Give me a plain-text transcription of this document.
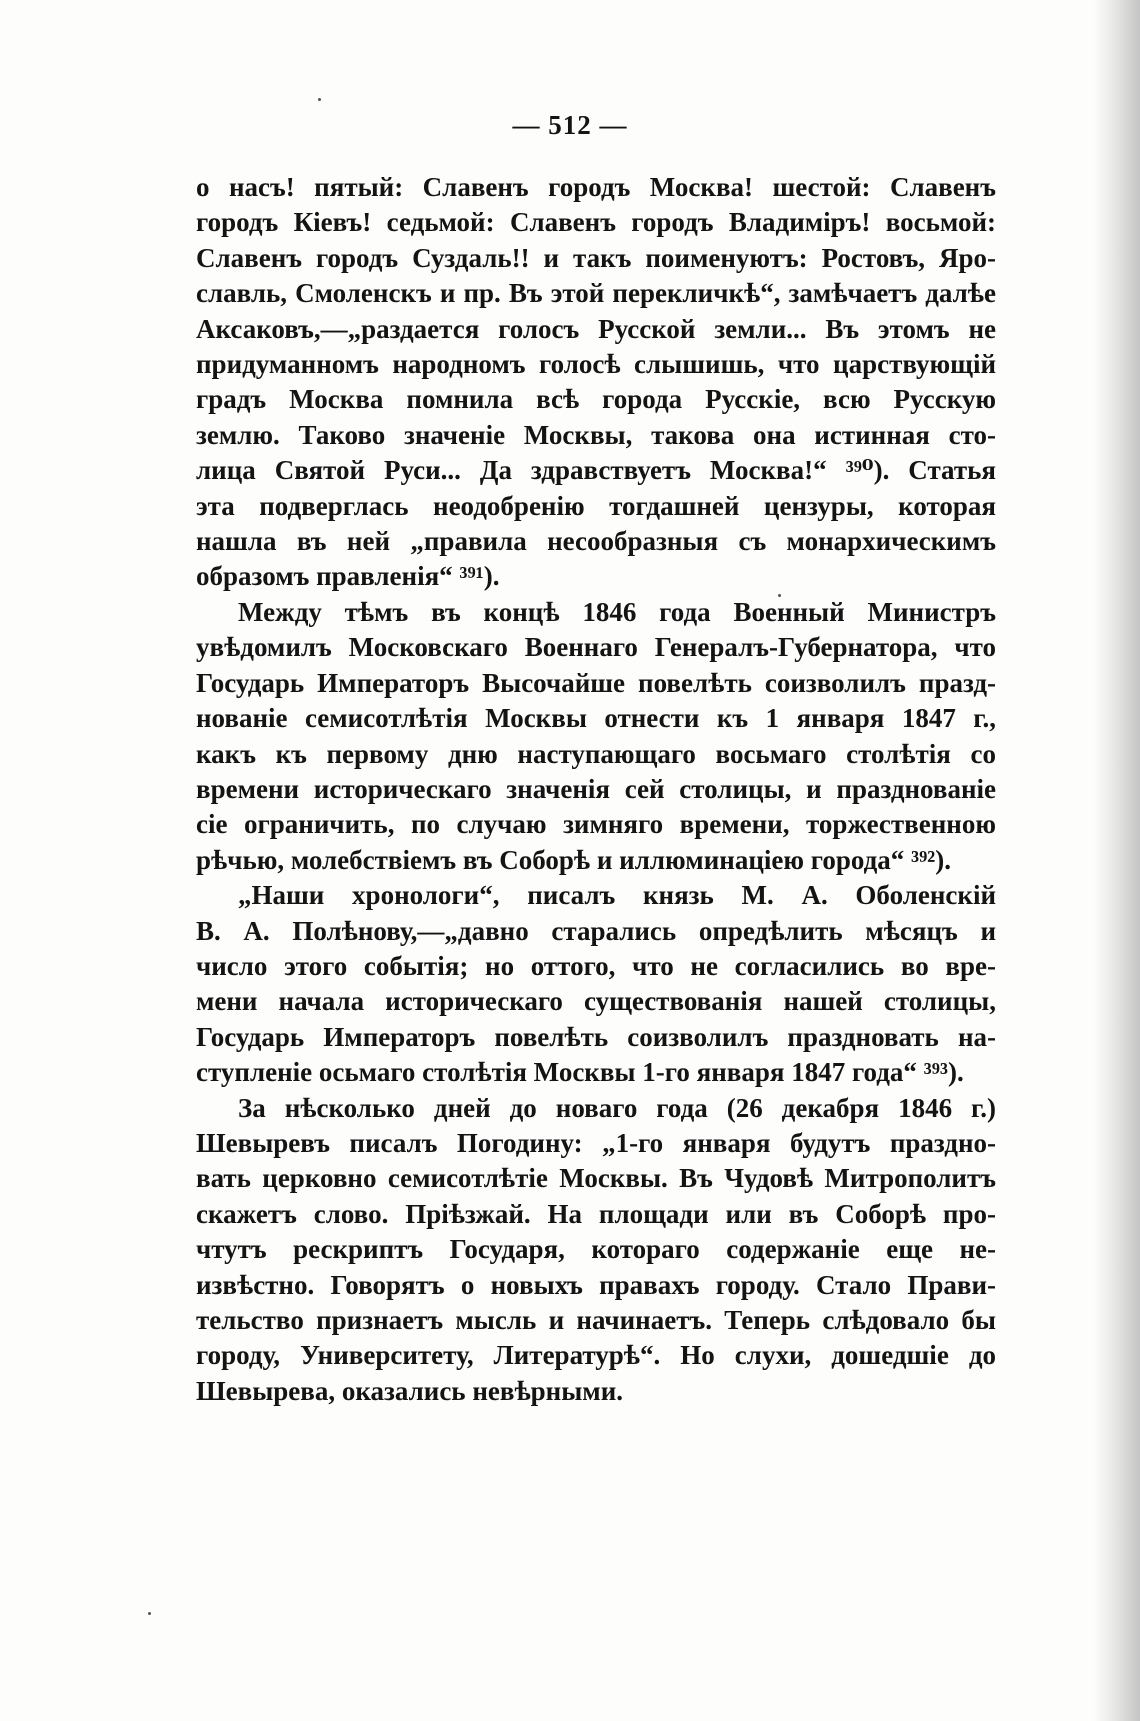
— 512 —
о насъ! пятый: Славенъ городъ Москва! шестой: Славенъ
городъ Кіевъ! седьмой: Славенъ городъ Владиміръ! восьмой:
Славенъ городъ Суздаль!! и такъ поименуютъ: Ростовъ, Яро-
славль, Смоленскъ и пр. Въ этой перекличкѣ“, замѣчаетъ далѣе
Аксаковъ,—„раздается голосъ Русской земли... Въ этомъ не
придуманномъ народномъ голосѣ слышишь, что царствующій
градъ Москва помнила всѣ города Русскіе, всю Русскую
землю. Таково значеніе Москвы, такова она истинная сто-
лица Святой Руси... Да здравствуетъ Москва!“ ³⁹⁰). Статья
эта подверглась неодобренію тогдашней цензуры, которая
нашла въ ней „правила несообразныя съ монархическимъ
образомъ правленія“ ³⁹¹).
Между тѣмъ въ концѣ 1846 года Военный Министръ
увѣдомилъ Московскаго Военнаго Генералъ-Губернатора, что
Государь Императоръ Высочайше повелѣть соизволилъ празд-
нованіе семисотлѣтія Москвы отнести къ 1 января 1847 г.,
какъ къ первому дню наступающаго восьмаго столѣтія со
времени историческаго значенія сей столицы, и празднованіе
сіе ограничить, по случаю зимняго времени, торжественною
рѣчью, молебствіемъ въ Соборѣ и иллюминаціею города“ ³⁹²).
„Наши хронологи“, писалъ князь М. А. Оболенскій
В. А. Полѣнову,—„давно старались опредѣлить мѣсяцъ и
число этого событія; но оттого, что не согласились во вре-
мени начала историческаго существованія нашей столицы,
Государь Императоръ повелѣть соизволилъ праздновать на-
ступленіе осьмаго столѣтія Москвы 1-го января 1847 года“ ³⁹³).
За нѣсколько дней до новаго года (26 декабря 1846 г.)
Шевыревъ писалъ Погодину: „1-го января будутъ праздно-
вать церковно семисотлѣтіе Москвы. Въ Чудовѣ Митрополитъ
скажетъ слово. Пріѣзжай. На площади или въ Соборѣ про-
чтутъ рескриптъ Государя, котораго содержаніе еще не-
извѣстно. Говорятъ о новыхъ правахъ городу. Стало Прави-
тельство признаетъ мысль и начинаетъ. Теперь слѣдовало бы
городу, Университету, Литературѣ“. Но слухи, дошедшіе до
Шевырева, оказались невѣрными.
